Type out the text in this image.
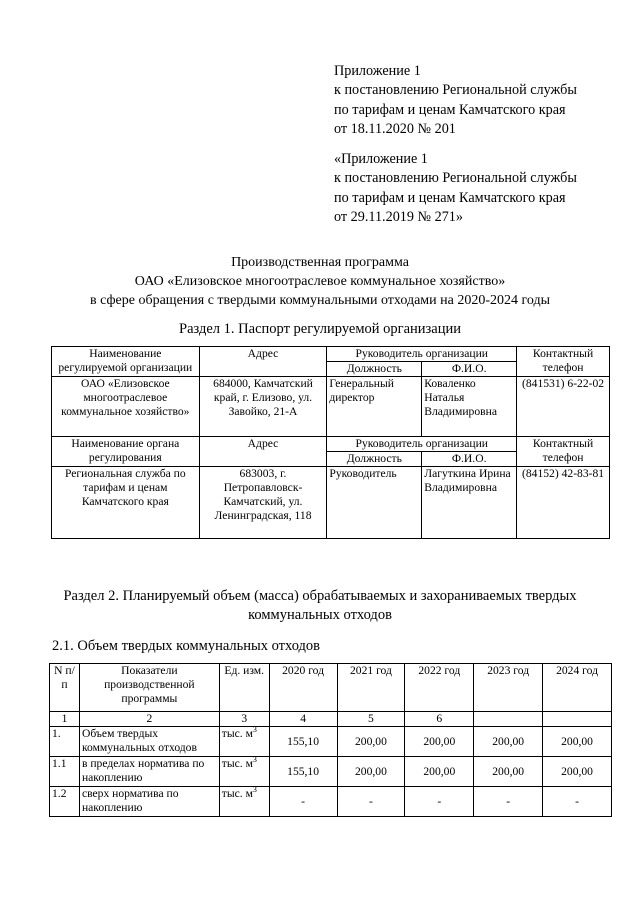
Приложение 1
к постановлению Региональной службы
по тарифам и ценам Камчатского края
от 18.11.2020 № 201
«Приложение 1
к постановлению Региональной службы
по тарифам и ценам Камчатского края
от 29.11.2019 № 271»
Производственная программа
ОАО «Елизовское многоотраслевое коммунальное хозяйство»
в сфере обращения с твердыми коммунальными отходами на 2020-2024 годы
Раздел 1. Паспорт регулируемой организации
Наименование регулируемой организации	Адрес	Руководитель организации		Контактный телефон
		Должность	Ф.И.О.	
ОАО «Елизовское многоотраслевое коммунальное хозяйство»	684000, Камчатский край, г. Елизово, ул. Завойко, 21-А	Генеральный директор	Коваленко Наталья Владимировна	(841531) 6-22-02
Наименование органа регулирования	Адрес	Руководитель организации		Контактный телефон
		Должность	Ф.И.О.	
Региональная служба по тарифам и ценам Камчатского края	683003, г. Петропавловск-Камчатский, ул. Ленинградская, 118	Руководитель	Лагуткина Ирина Владимировна	(84152) 42-83-81
Раздел 2. Планируемый объем (масса) обрабатываемых и захораниваемых твердых
коммунальных отходов
2.1. Объем твердых коммунальных отходов
N п/п	Показатели производственной программы	Ед. изм.	2020 год	2021 год	2022 год	2023 год	2024 год
1	2	3	4	5	6		
1.	Объем твердых коммунальных отходов	тыс. $м^3$	155,10	200,00	200,00	200,00	200,00
1.1	в пределах норматива по накоплению	тыс. $м^3$	155,10	200,00	200,00	200,00	200,00
1.2	сверх норматива по накоплению	тыс. $м^3$	-	-	-	-	-
